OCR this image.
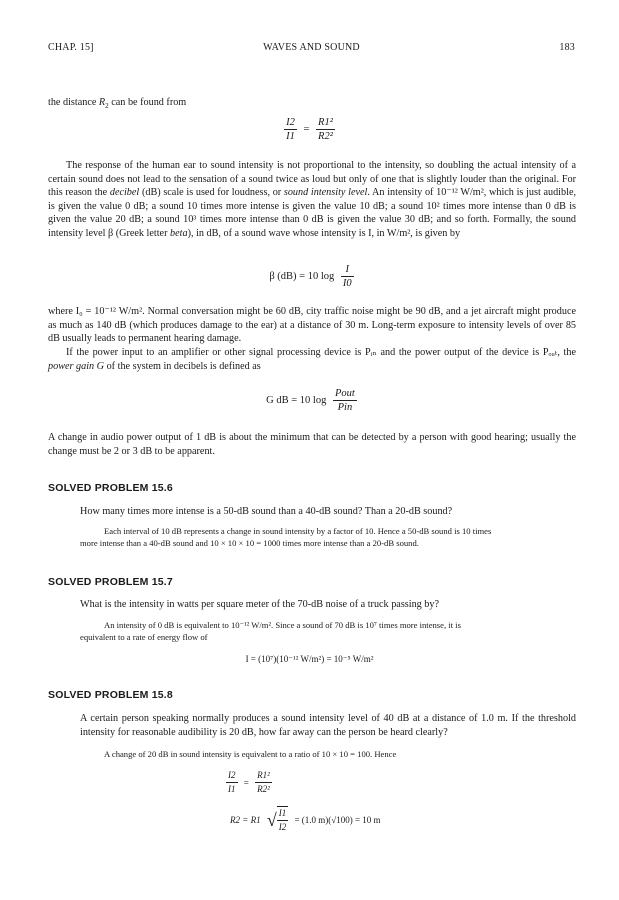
CHAP. 15]	WAVES AND SOUND	183
the distance $R_2$ can be found from
$\frac{I2}{I1} = \frac{\text{R1²}}{\text{R2²}}$
The response of the human ear to sound intensity is not proportional to the intensity, so doubling the actual intensity of a certain sound does not lead to the sensation of a sound twice as loud but only of one that is slightly louder than the original. For this reason the decibel (dB) scale is used for loudness, or sound intensity level. An intensity of 10⁻¹² W/m², which is just audible, is given the value 0 dB; a sound 10 times more intense is given the value 10 dB; a sound 10² times more intense than 0 dB is given the value 20 dB; a sound 10³ times more intense than 0 dB is given the value 30 dB; and so forth. Formally, the sound intensity level β (Greek letter beta), in dB, of a sound wave whose intensity is I, in W/m², is given by
β (dB) = 10 $\log \frac{I}{I0}$
where I₀ = 10⁻¹² W/m². Normal conversation might be 60 dB, city traffic noise might be 90 dB, and a jet aircraft might produce as much as 140 dB (which produces damage to the ear) at a distance of 30 m. Long-term exposure to intensity levels of over 85 dB usually leads to permanent hearing damage.
If the power input to an amplifier or other signal processing device is Pᵢₙ and the power output of the device is Pₒᵤₜ, the power gain G of the system in decibels is defined as
G dB = 10 $\log \frac{\text{Pout}}{\text{Pin}}$
A change in audio power output of 1 dB is about the minimum that can be detected by a person with good hearing; usually the change must be 2 or 3 dB to be apparent.
SOLVED PROBLEM 15.6
How many times more intense is a 50-dB sound than a 40-dB sound? Than a 20-dB sound?
Each interval of 10 dB represents a change in sound intensity by a factor of 10. Hence a 50-dB sound is 10 times
more intense than a 40-dB sound and 10 × 10 × 10 = 1000 times more intense than a 20-dB sound.
SOLVED PROBLEM 15.7
What is the intensity in watts per square meter of the 70-dB noise of a truck passing by?
An intensity of 0 dB is equivalent to 10⁻¹² W/m². Since a sound of 70 dB is 10⁷ times more intense, it is
equivalent to a rate of energy flow of
I = (10⁷)(10⁻¹² W/m²) = 10⁻⁵ W/m²
SOLVED PROBLEM 15.8
A certain person speaking normally produces a sound intensity level of 40 dB at a distance of 1.0 m. If the threshold intensity for reasonable audibility is 20 dB, how far away can the person be heard clearly?
A change of 20 dB in sound intensity is equivalent to a ratio of 10 × 10 = 100. Hence
$\frac{I2}{I1} = \frac{\text{R1²}}{\text{R2²}}$
R2 = R1 √ $\frac{I1}{I2} = (1.0$ m)(√100) = 10 m
